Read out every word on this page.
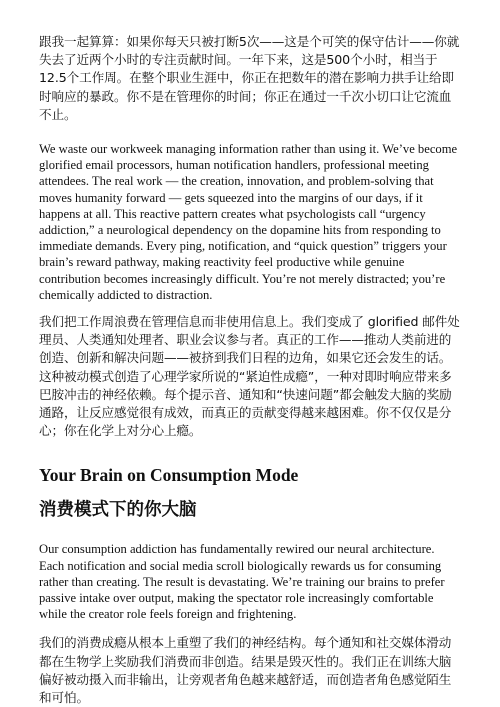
跟我一起算算：如果你每天只被打断5次——这是个可笑的保守估计——你就失去了近两个小时的专注贡献时间。一年下来，这是500个小时，相当于12.5个工作周。在整个职业生涯中，你正在把数年的潜在影响力拱手让给即时响应的暴政。你不是在管理你的时间；你正在通过一千次小切口让它流血不止。

We waste our workweek managing information rather than using it. We’ve become glorified email processors, human notification handlers, professional meeting attendees. The real work — the creation, innovation, and problem-solving that moves humanity forward — gets squeezed into the margins of our days, if it happens at all. This reactive pattern creates what psychologists call “urgency addiction,” a neurological dependency on the dopamine hits from responding to immediate demands. Every ping, notification, and “quick question” triggers your brain’s reward pathway, making reactivity feel productive while genuine contribution becomes increasingly difficult. You’re not merely distracted; you’re chemically addicted to distraction.

我们把工作周浪费在管理信息而非使用信息上。我们变成了 glorified 邮件处理员、人类通知处理者、职业会议参与者。真正的工作——推动人类前进的创造、创新和解决问题——被挤到我们日程的边角，如果它还会发生的话。这种被动模式创造了心理学家所说的“紧迫性成瘾”，一种对即时响应带来多巴胺冲击的神经依赖。每个提示音、通知和“快速问题”都会触发大脑的奖励通路，让反应感觉很有成效，而真正的贡献变得越来越困难。你不仅仅是分心；你在化学上对分心上瘾。

Your Brain on Consumption Mode
消费模式下的你大脑

Our consumption addiction has fundamentally rewired our neural architecture. Each notification and social media scroll biologically rewards us for consuming rather than creating. The result is devastating. We’re training our brains to prefer passive intake over output, making the spectator role increasingly comfortable while the creator role feels foreign and frightening.

我们的消费成瘾从根本上重塑了我们的神经结构。每个通知和社交媒体滑动都在生物学上奖励我们消费而非创造。结果是毁灭性的。我们正在训练大脑偏好被动摄入而非输出，让旁观者角色越来越舒适，而创造者角色感觉陌生和可怕。
